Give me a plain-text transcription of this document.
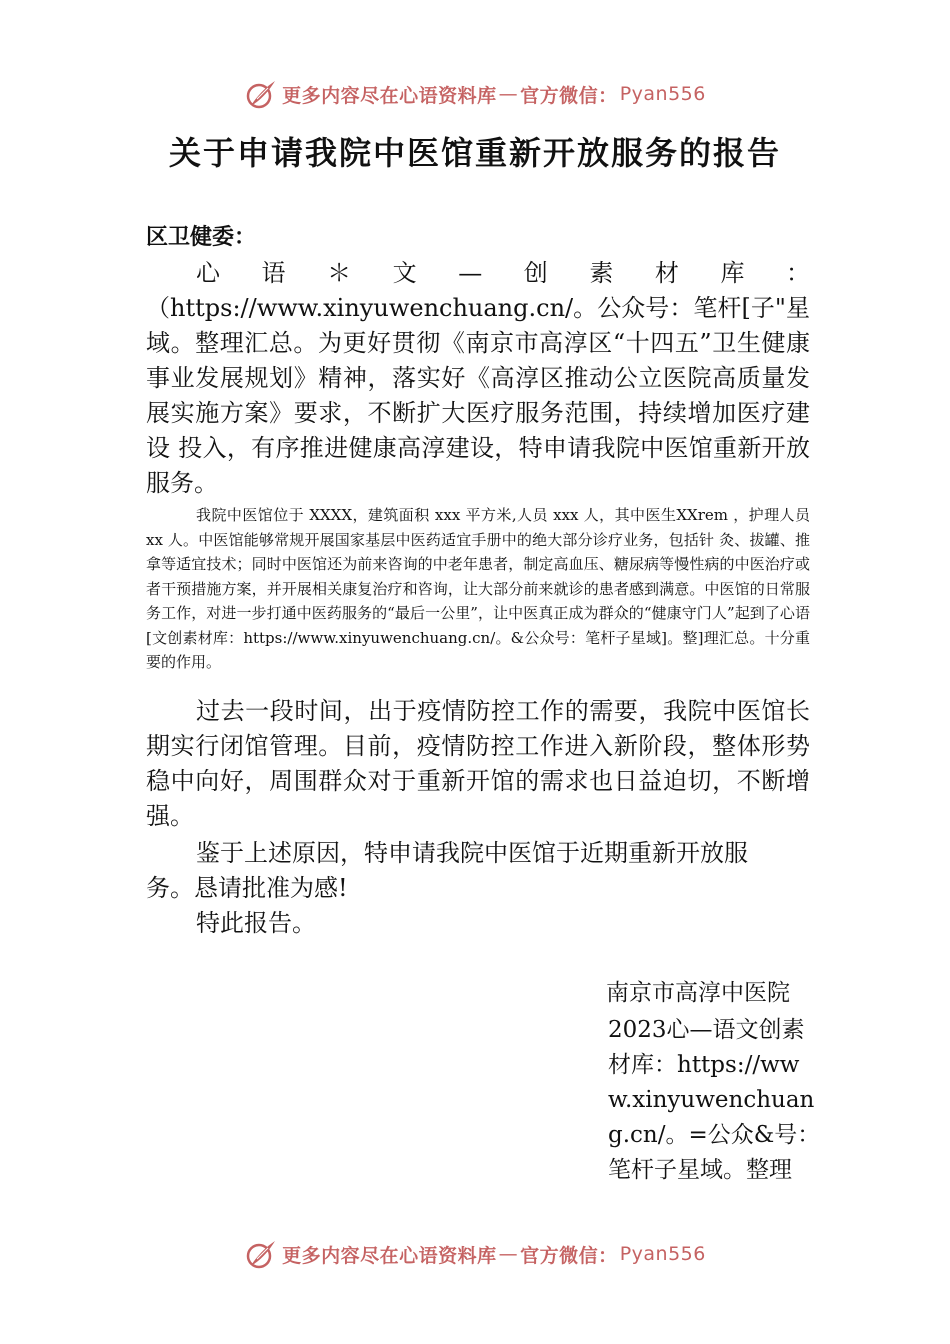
更多内容尽在心语资料库 — 官方微信： Pyan556
关于申请我院中医馆重新开放服务的报告
区卫健委：
心语＊文—创素材库：（https://www.xinyuwenchuang.cn/。公众号：笔杆[子"星域。整理汇总。为更好贯彻《南京市高淳区“十四五”卫生健康事业发展规划》精神，落实好《高淳区推动公立医院高质量发展实施方案》要求，不断扩大医疗服务范围，持续增加医疗建设 投入，有序推进健康高淳建设，特申请我院中医馆重新开放服务。
我院中医馆位于 XXXX，建筑面积 xxx 平方米,人员 xxx 人，其中医生XXrem ，护理人员xx 人。中医馆能够常规开展国家基层中医药适宜手册中的绝大部分诊疗业务，包括针 灸、拔罐、推拿等适宜技术；同时中医馆还为前来咨询的中老年患者，制定高血压、糖尿病等慢性病的中医治疗或者干预措施方案，并开展相关康复治疗和咨询，让大部分前来就诊的患者感到满意。中医馆的日常服务工作，对进一步打通中医药服务的“最后一公里”，让中医真正成为群众的“健康守门人”起到了心语[文创素材库：https://www.xinyuwenchuang.cn/。&公众号：笔杆子星域]。整]理汇总。十分重要的作用。
过去一段时间，出于疫情防控工作的需要，我院中医馆长期实行闭馆管理。目前，疫情防控工作进入新阶段，整体形势稳中向好，周围群众对于重新开馆的需求也日益迫切，不断增强。
鉴于上述原因，特申请我院中医馆于近期重新开放服务。恳请批准为感!
特此报告。
南京市高淳中医院
2023心—语文创素材库：https://www.xinyuwenchuang.cn/。=公众&号：笔杆子星域。整理
更多内容尽在心语资料库 — 官方微信： Pyan556
